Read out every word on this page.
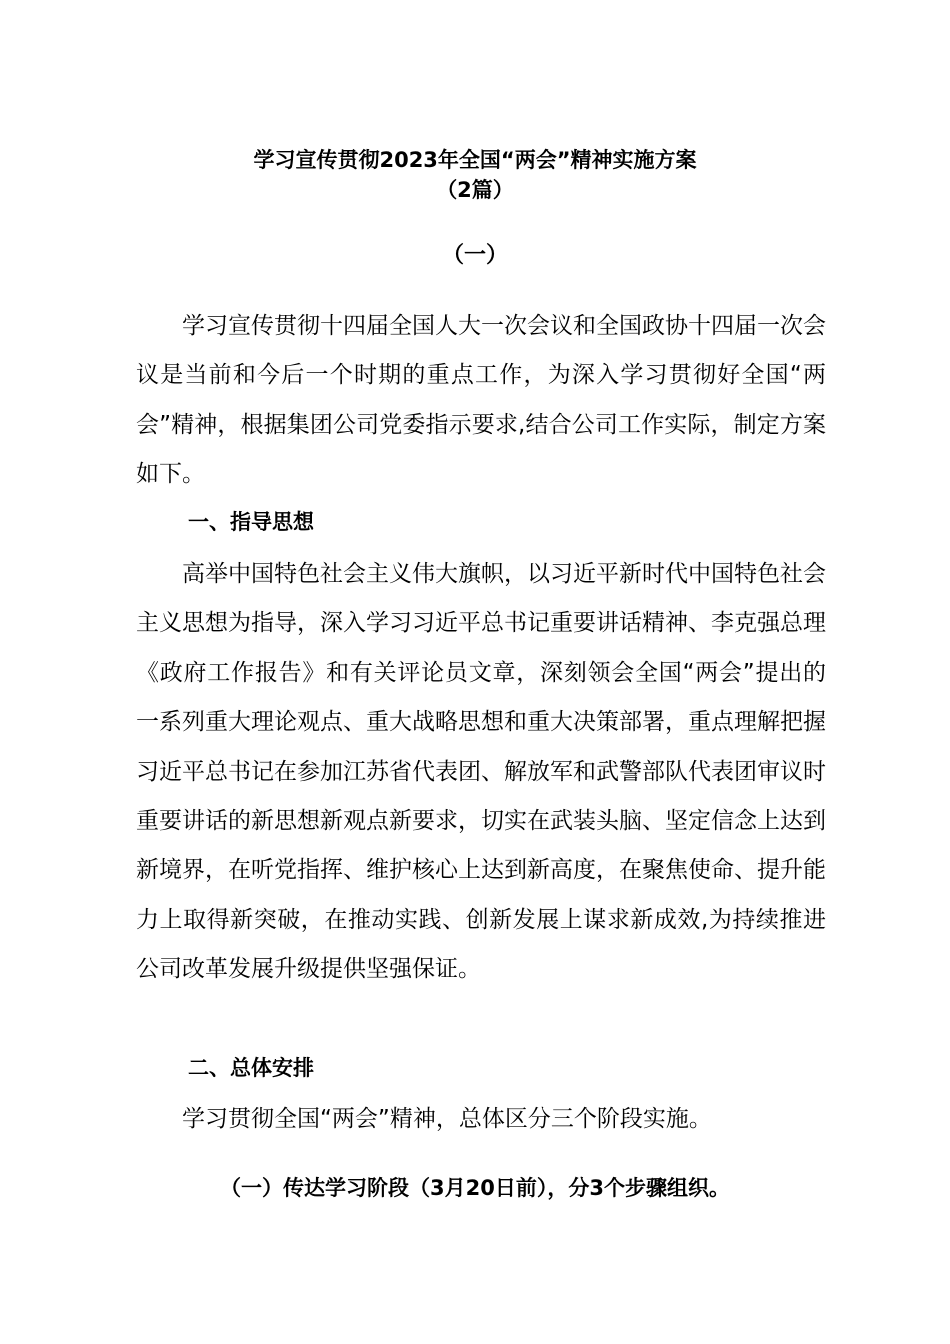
学习宣传贯彻2023年全国“两会”精神实施方案
（2篇）
（一）

学习宣传贯彻十四届全国人大一次会议和全国政协十四届一次会议是当前和今后一个时期的重点工作，为深入学习贯彻好全国“两会”精神，根据集团公司党委指示要求,结合公司工作实际，制定方案如下。

一、指导思想

高举中国特色社会主义伟大旗帜，以习近平新时代中国特色社会主义思想为指导，深入学习习近平总书记重要讲话精神、李克强总理《政府工作报告》和有关评论员文章，深刻领会全国“两会”提出的一系列重大理论观点、重大战略思想和重大决策部署，重点理解把握习近平总书记在参加江苏省代表团、解放军和武警部队代表团审议时重要讲话的新思想新观点新要求，切实在武装头脑、坚定信念上达到新境界，在听党指挥、维护核心上达到新高度，在聚焦使命、提升能力上取得新突破，在推动实践、创新发展上谋求新成效,为持续推进公司改革发展升级提供坚强保证。

二、总体安排

学习贯彻全国“两会”精神，总体区分三个阶段实施。

（一）传达学习阶段（3月20日前），分3个步骤组织。
